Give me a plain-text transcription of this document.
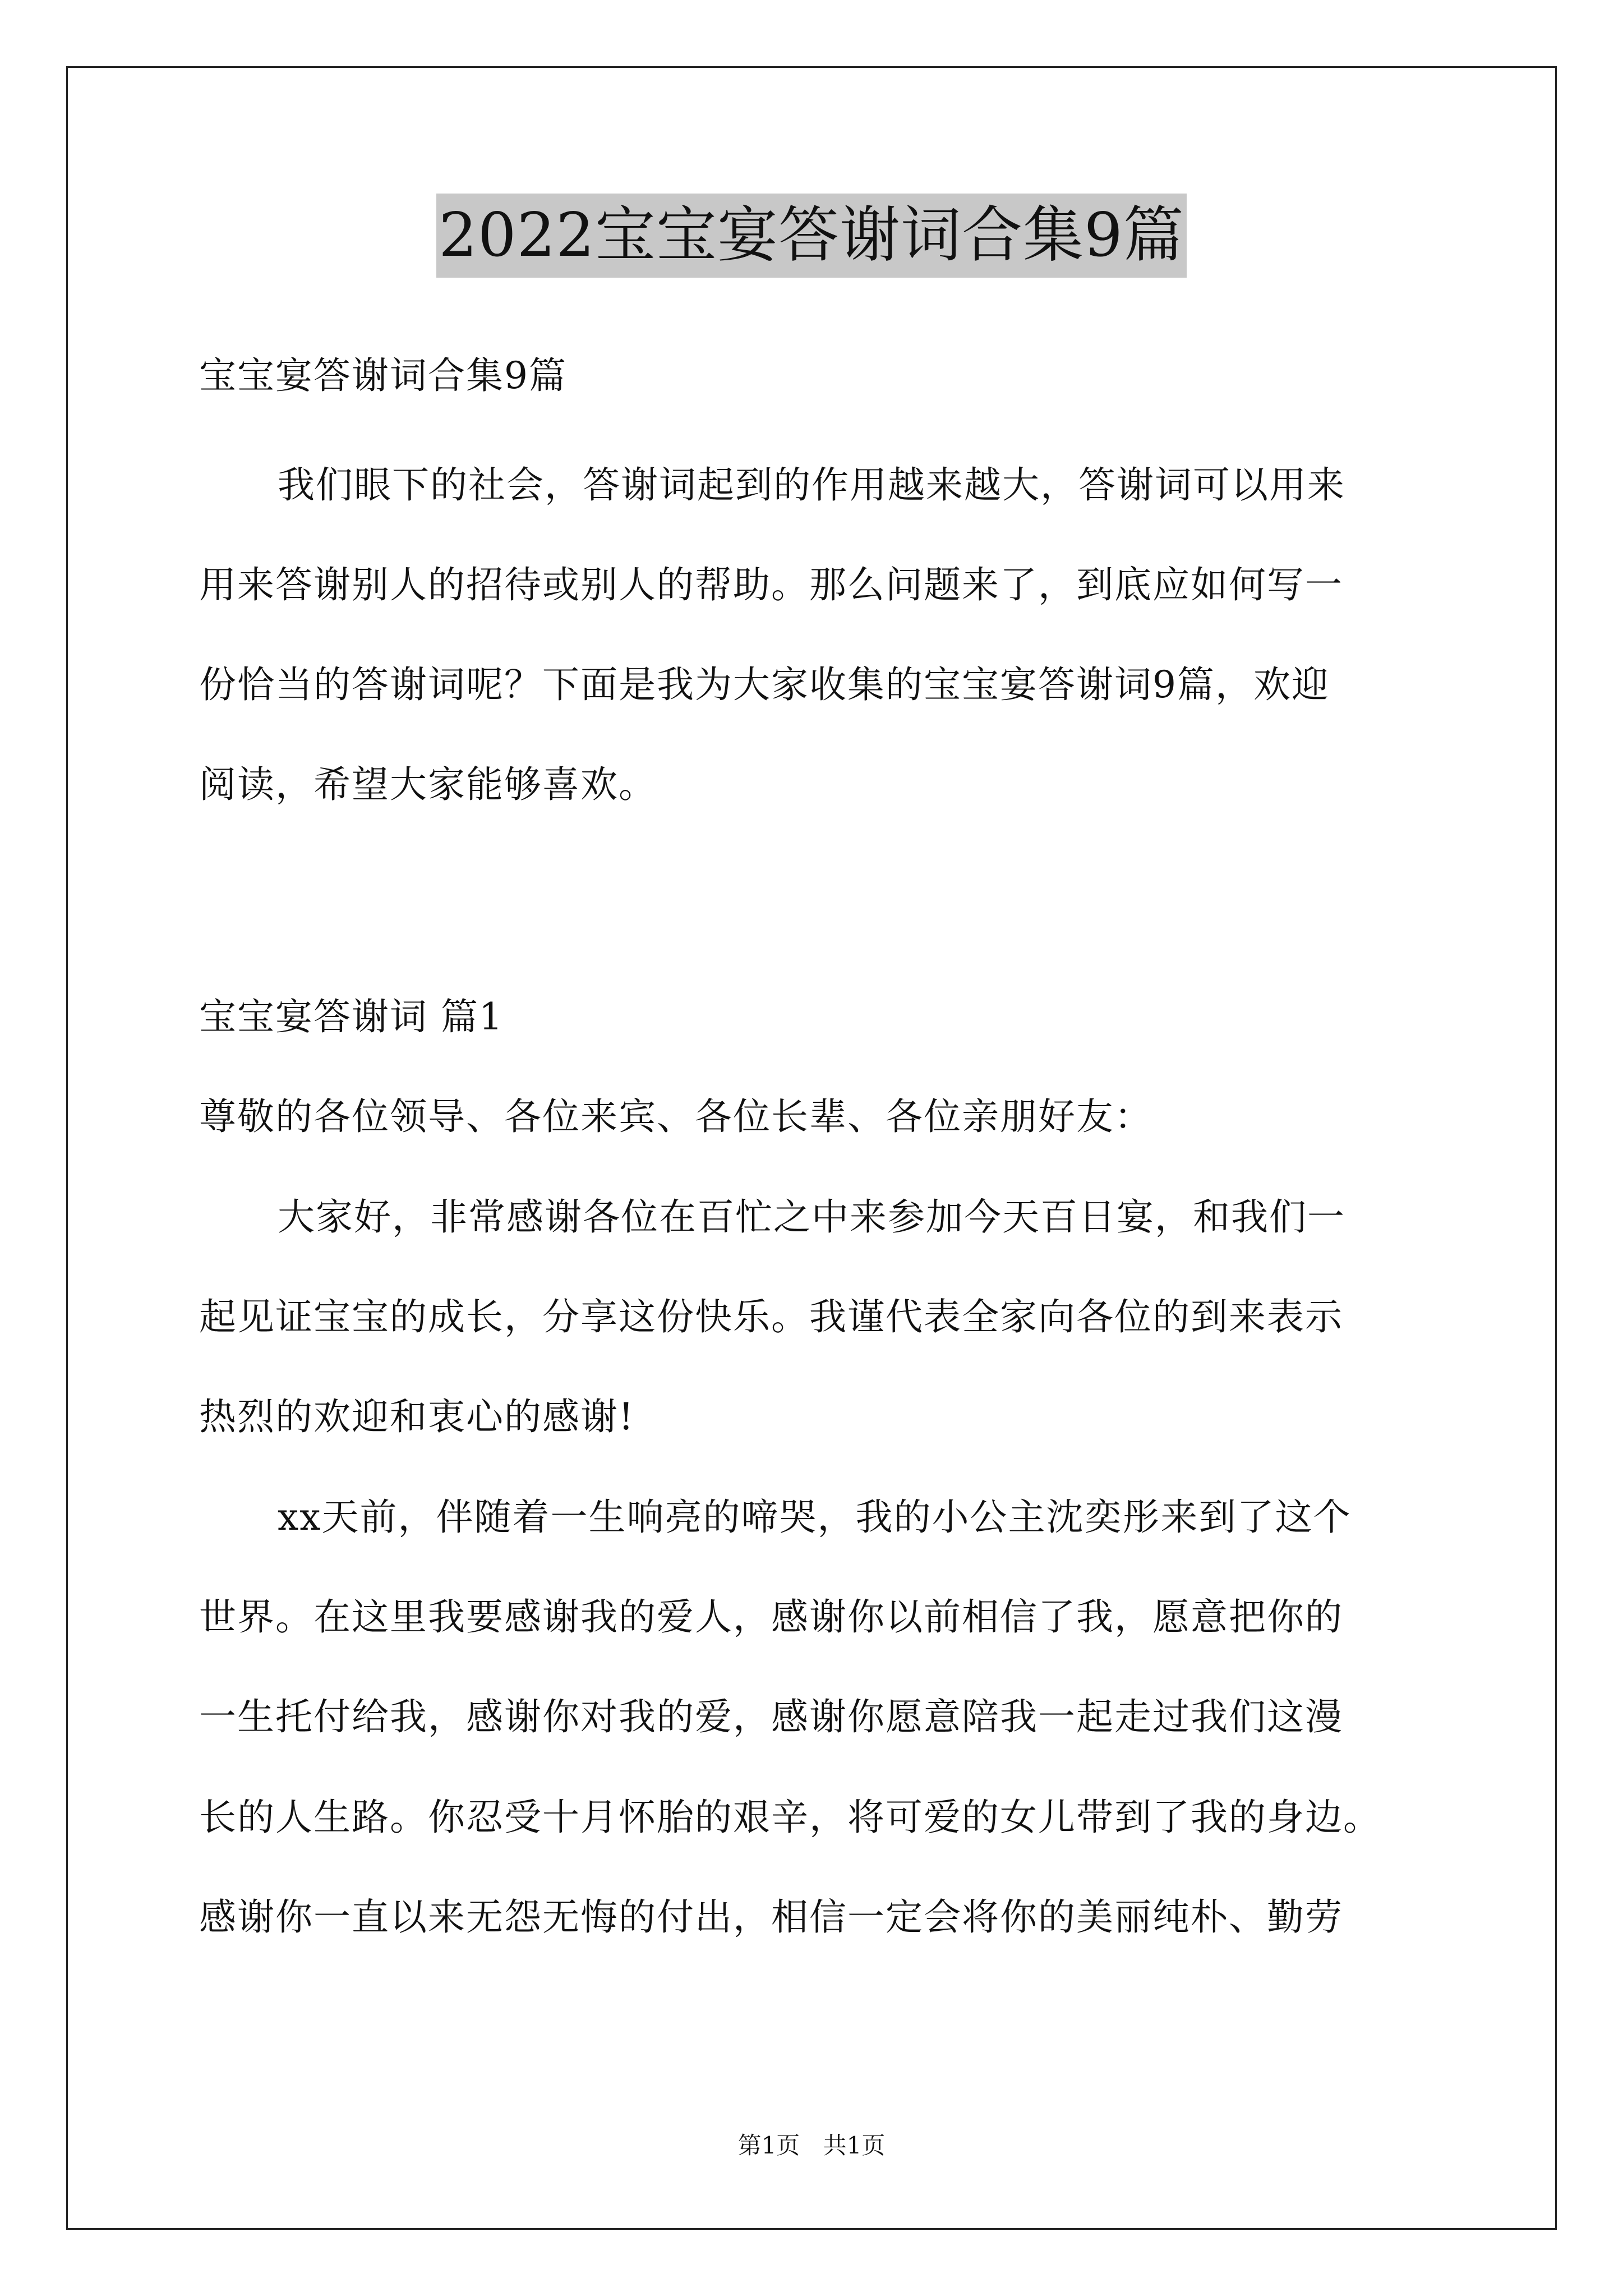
2022宝宝宴答谢词合集9篇
宝宝宴答谢词合集9篇
我们眼下的社会，答谢词起到的作用越来越大，答谢词可以用来
用来答谢别人的招待或别人的帮助。那么问题来了，到底应如何写一
份恰当的答谢词呢？下面是我为大家收集的宝宝宴答谢词9篇，欢迎
阅读，希望大家能够喜欢。
宝宝宴答谢词 篇1
尊敬的各位领导、各位来宾、各位长辈、各位亲朋好友：
大家好，非常感谢各位在百忙之中来参加今天百日宴，和我们一
起见证宝宝的成长，分享这份快乐。我谨代表全家向各位的到来表示
热烈的欢迎和衷心的感谢!
xx天前，伴随着一生响亮的啼哭，我的小公主沈奕彤来到了这个
世界。在这里我要感谢我的爱人，感谢你以前相信了我，愿意把你的
一生托付给我，感谢你对我的爱，感谢你愿意陪我一起走过我们这漫
长的人生路。你忍受十月怀胎的艰辛，将可爱的女儿带到了我的身边。
感谢你一直以来无怨无悔的付出，相信一定会将你的美丽纯朴、勤劳
第1页 共1页
